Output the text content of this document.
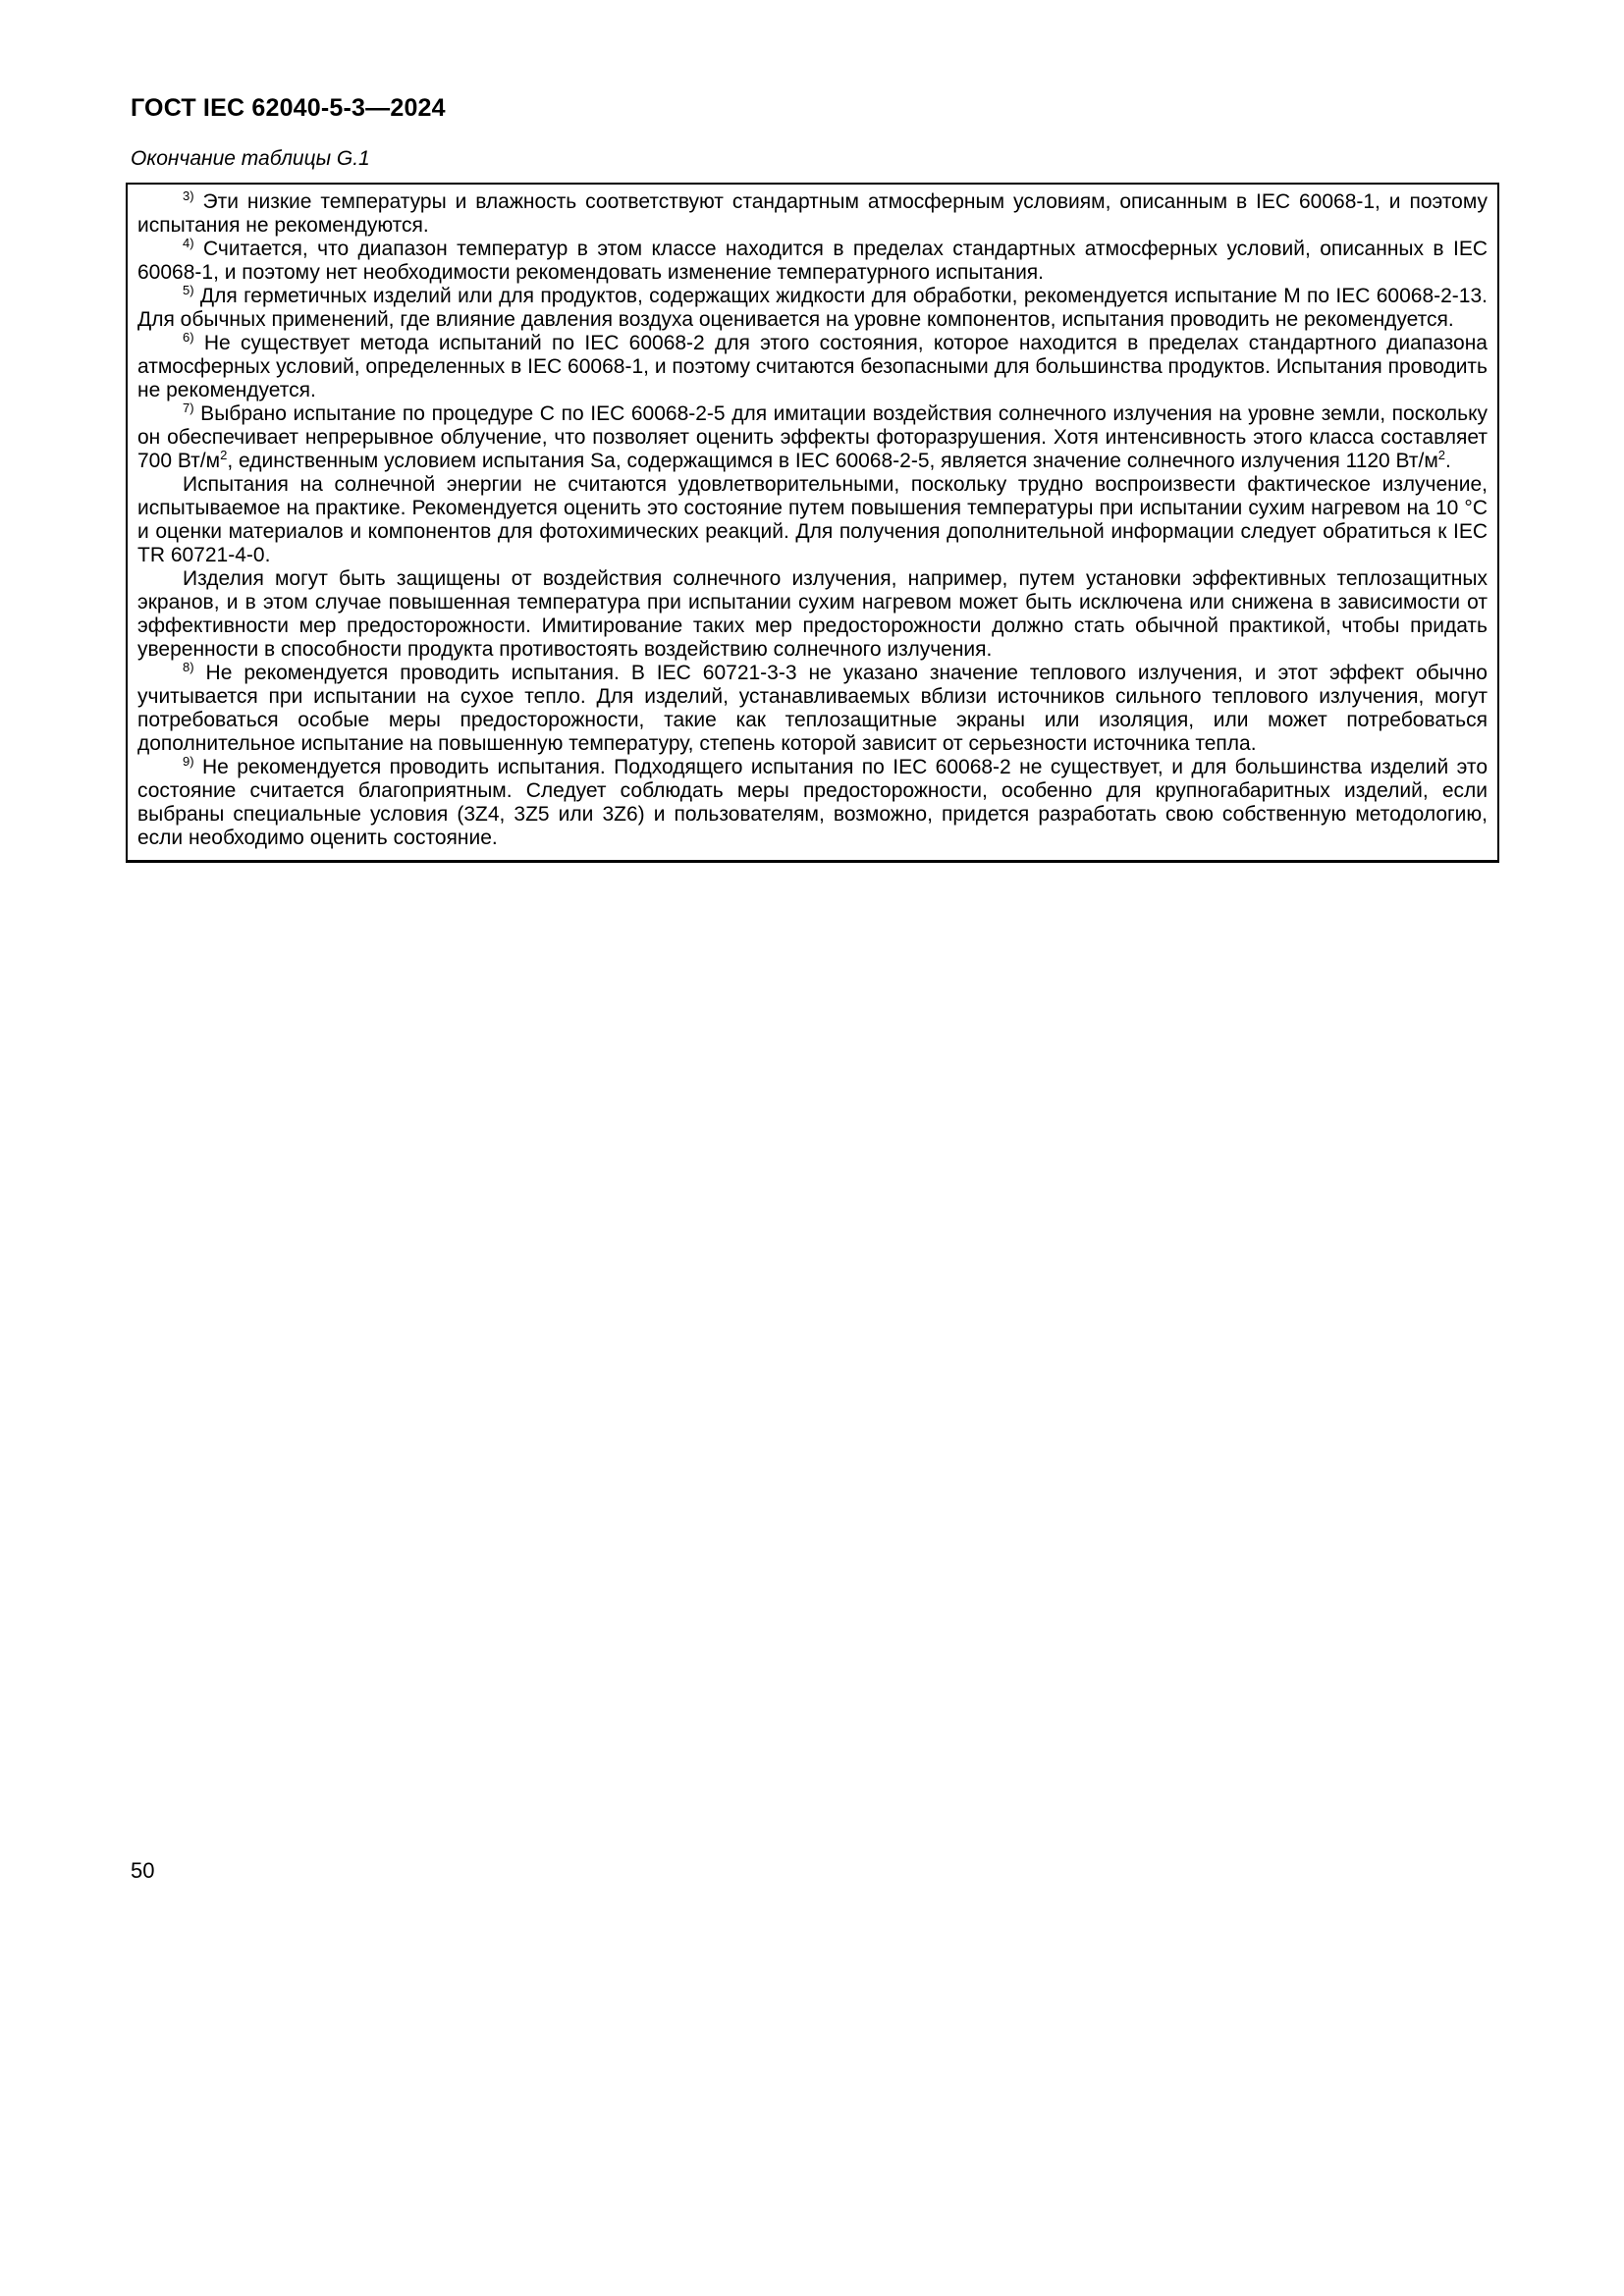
ГОСТ IEC 62040-5-3—2024
Окончание таблицы G.1

$^{3)}$ Эти низкие температуры и влажность соответствуют стандартным атмосферным условиям, описанным в IEC 60068-1, и поэтому испытания не рекомендуются.

$^{4)}$ Считается, что диапазон температур в этом классе находится в пределах стандартных атмосферных условий, описанных в IEC 60068-1, и поэтому нет необходимости рекомендовать изменение температурного испытания.

$^{5)}$ Для герметичных изделий или для продуктов, содержащих жидкости для обработки, рекомендуется испытание М по IEC 60068-2-13. Для обычных применений, где влияние давления воздуха оценивается на уровне компонентов, испытания проводить не рекомендуется.

$^{6)}$ Не существует метода испытаний по IEC 60068-2 для этого состояния, которое находится в пределах стандартного диапазона атмосферных условий, определенных в IEC 60068-1, и поэтому считаются безопасными для большинства продуктов. Испытания проводить не рекомендуется.

$^{7)}$ Выбрано испытание по процедуре C по IEC 60068-2-5 для имитации воздействия солнечного излучения на уровне земли, поскольку он обеспечивает непрерывное облучение, что позволяет оценить эффекты фоторазрушения. Хотя интенсивность этого класса составляет 700 $Вт/м^2$, единственным условием испытания Sa, содержащимся в IEC 60068-2-5, является значение солнечного излучения 1120 $Вт/м^2$.

Испытания на солнечной энергии не считаются удовлетворительными, поскольку трудно воспроизвести фактическое излучение, испытываемое на практике. Рекомендуется оценить это состояние путем повышения температуры при испытании сухим нагревом на 10 °C и оценки материалов и компонентов для фотохимических реакций. Для получения дополнительной информации следует обратиться к IEC TR 60721-4-0.

Изделия могут быть защищены от воздействия солнечного излучения, например, путем установки эффективных теплозащитных экранов, и в этом случае повышенная температура при испытании сухим нагревом может быть исключена или снижена в зависимости от эффективности мер предосторожности. Имитирование таких мер предосторожности должно стать обычной практикой, чтобы придать уверенности в способности продукта противостоять воздействию солнечного излучения.

$^{8)}$ Не рекомендуется проводить испытания. В IEC 60721-3-3 не указано значение теплового излучения, и этот эффект обычно учитывается при испытании на сухое тепло. Для изделий, устанавливаемых вблизи источников сильного теплового излучения, могут потребоваться особые меры предосторожности, такие как теплозащитные экраны или изоляция, или может потребоваться дополнительное испытание на повышенную температуру, степень которой зависит от серьезности источника тепла.

$^{9)}$ Не рекомендуется проводить испытания. Подходящего испытания по IEC 60068-2 не существует, и для большинства изделий это состояние считается благоприятным. Следует соблюдать меры предосторожности, особенно для крупногабаритных изделий, если выбраны специальные условия (3Z4, 3Z5 или 3Z6) и пользователям, возможно, придется разработать свою собственную методологию, если необходимо оценить состояние.

50
